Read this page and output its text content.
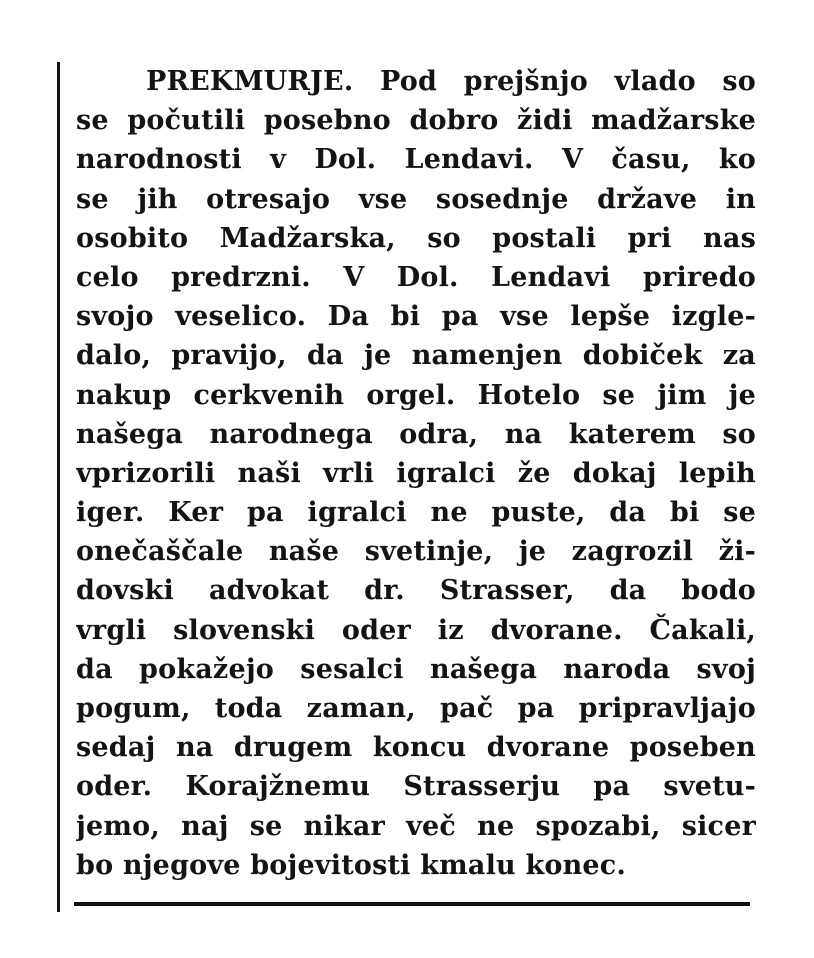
PREKMURJE. Pod prejšnjo vlado so
se počutili posebno dobro židi madžarske
narodnosti v Dol. Lendavi. V času, ko
se jih otresajo vse sosednje države in
osobito Madžarska, so postali pri nas
celo predrzni. V Dol. Lendavi priredo
svojo veselico. Da bi pa vse lepše izgle-
dalo, pravijo, da je namenjen dobiček za
nakup cerkvenih orgel. Hotelo se jim je
našega narodnega odra, na katerem so
vprizorili naši vrli igralci že dokaj lepih
iger. Ker pa igralci ne puste, da bi se
onečaščale naše svetinje, je zagrozil ži-
dovski advokat dr. Strasser, da bodo
vrgli slovenski oder iz dvorane. Čakali,
da pokažejo sesalci našega naroda svoj
pogum, toda zaman, pač pa pripravljajo
sedaj na drugem koncu dvorane poseben
oder. Korajžnemu Strasserju pa svetu-
jemo, naj se nikar več ne spozabi, sicer
bo njegove bojevitosti kmalu konec.
